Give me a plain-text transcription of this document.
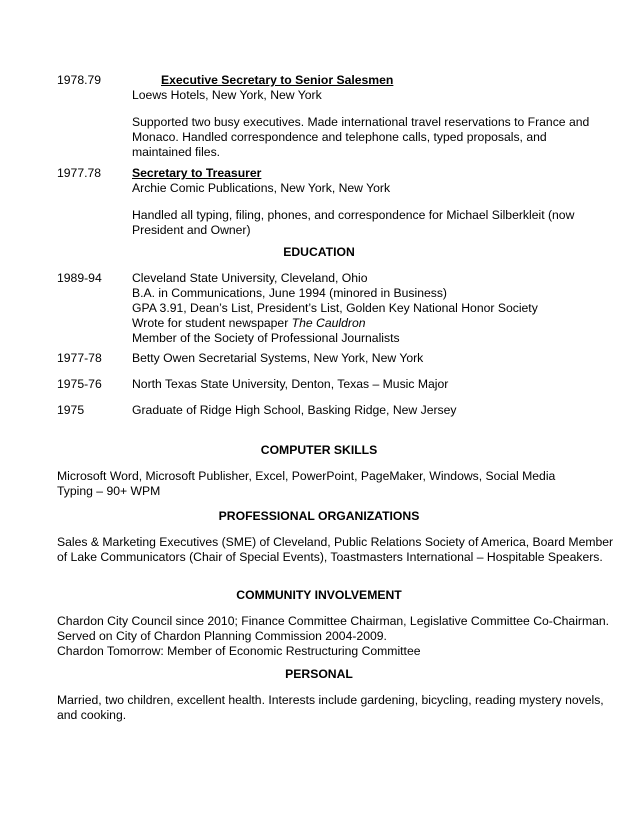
1978.79	Executive Secretary to Senior Salesmen
Loews Hotels, New York, New York
Supported two busy executives. Made international travel reservations to France and
Monaco. Handled correspondence and telephone calls, typed proposals, and
maintained files.
1977.78	Secretary to Treasurer
Archie Comic Publications, New York, New York
Handled all typing, filing, phones, and correspondence for Michael Silberkleit (now
President and Owner)
EDUCATION
1989-94	Cleveland State University, Cleveland, Ohio
B.A. in Communications, June 1994 (minored in Business)
GPA 3.91, Dean’s List, President’s List, Golden Key National Honor Society
Wrote for student newspaper The Cauldron
Member of the Society of Professional Journalists
1977-78	Betty Owen Secretarial Systems, New York, New York
1975-76	North Texas State University, Denton, Texas – Music Major
1975	Graduate of Ridge High School, Basking Ridge, New Jersey
COMPUTER SKILLS
Microsoft Word, Microsoft Publisher, Excel, PowerPoint, PageMaker, Windows, Social Media
Typing – 90+ WPM
PROFESSIONAL ORGANIZATIONS
Sales & Marketing Executives (SME) of Cleveland, Public Relations Society of America, Board Member
of Lake Communicators (Chair of Special Events), Toastmasters International – Hospitable Speakers.
COMMUNITY INVOLVEMENT
Chardon City Council since 2010; Finance Committee Chairman, Legislative Committee Co-Chairman.
Served on City of Chardon Planning Commission 2004-2009.
Chardon Tomorrow: Member of Economic Restructuring Committee
PERSONAL
Married, two children, excellent health. Interests include gardening, bicycling, reading mystery novels,
and cooking.
